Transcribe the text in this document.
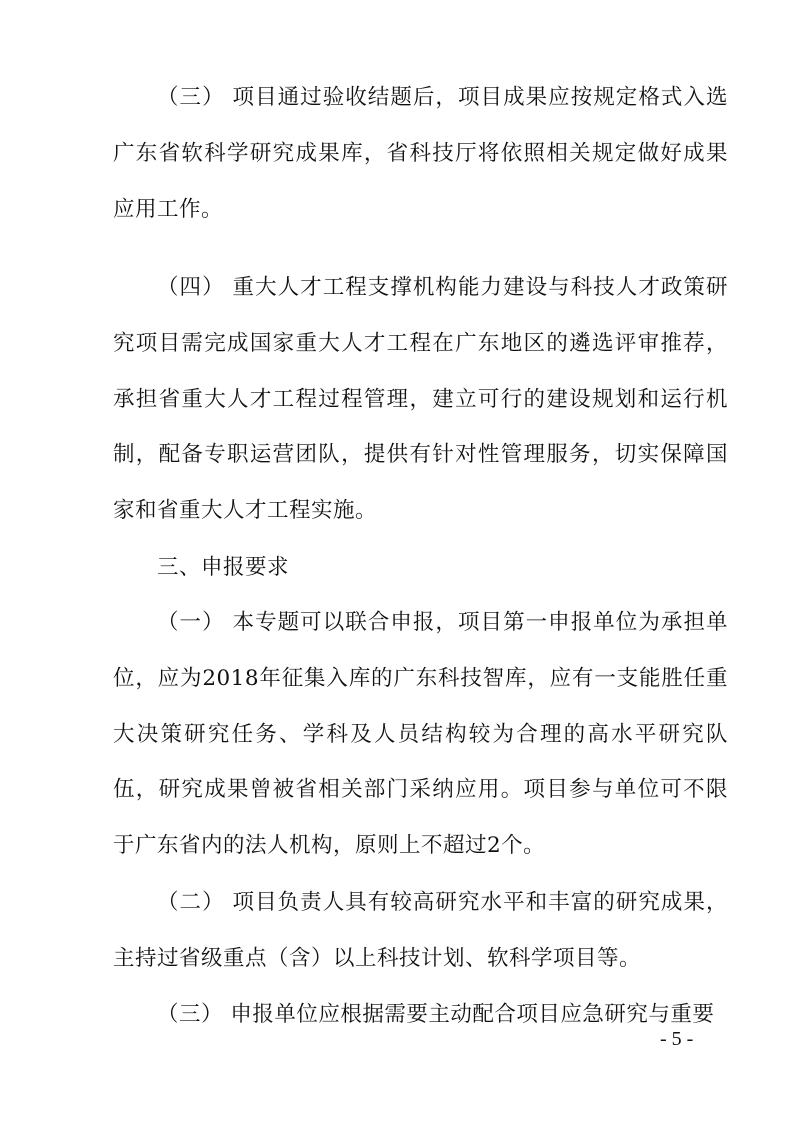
（三） 项目通过验收结题后，项目成果应按规定格式入选广东省软科学研究成果库，省科技厅将依照相关规定做好成果应用工作。

（四） 重大人才工程支撑机构能力建设与科技人才政策研究项目需完成国家重大人才工程在广东地区的遴选评审推荐，承担省重大人才工程过程管理，建立可行的建设规划和运行机制，配备专职运营团队，提供有针对性管理服务，切实保障国家和省重大人才工程实施。

三、申报要求

（一） 本专题可以联合申报，项目第一申报单位为承担单位，应为2018年征集入库的广东科技智库，应有一支能胜任重大决策研究任务、学科及人员结构较为合理的高水平研究队伍，研究成果曾被省相关部门采纳应用。项目参与单位可不限于广东省内的法人机构，原则上不超过2个。

（二） 项目负责人具有较高研究水平和丰富的研究成果，主持过省级重点（含）以上科技计划、软科学项目等。

（三） 申报单位应根据需要主动配合项目应急研究与重要

- 5 -
